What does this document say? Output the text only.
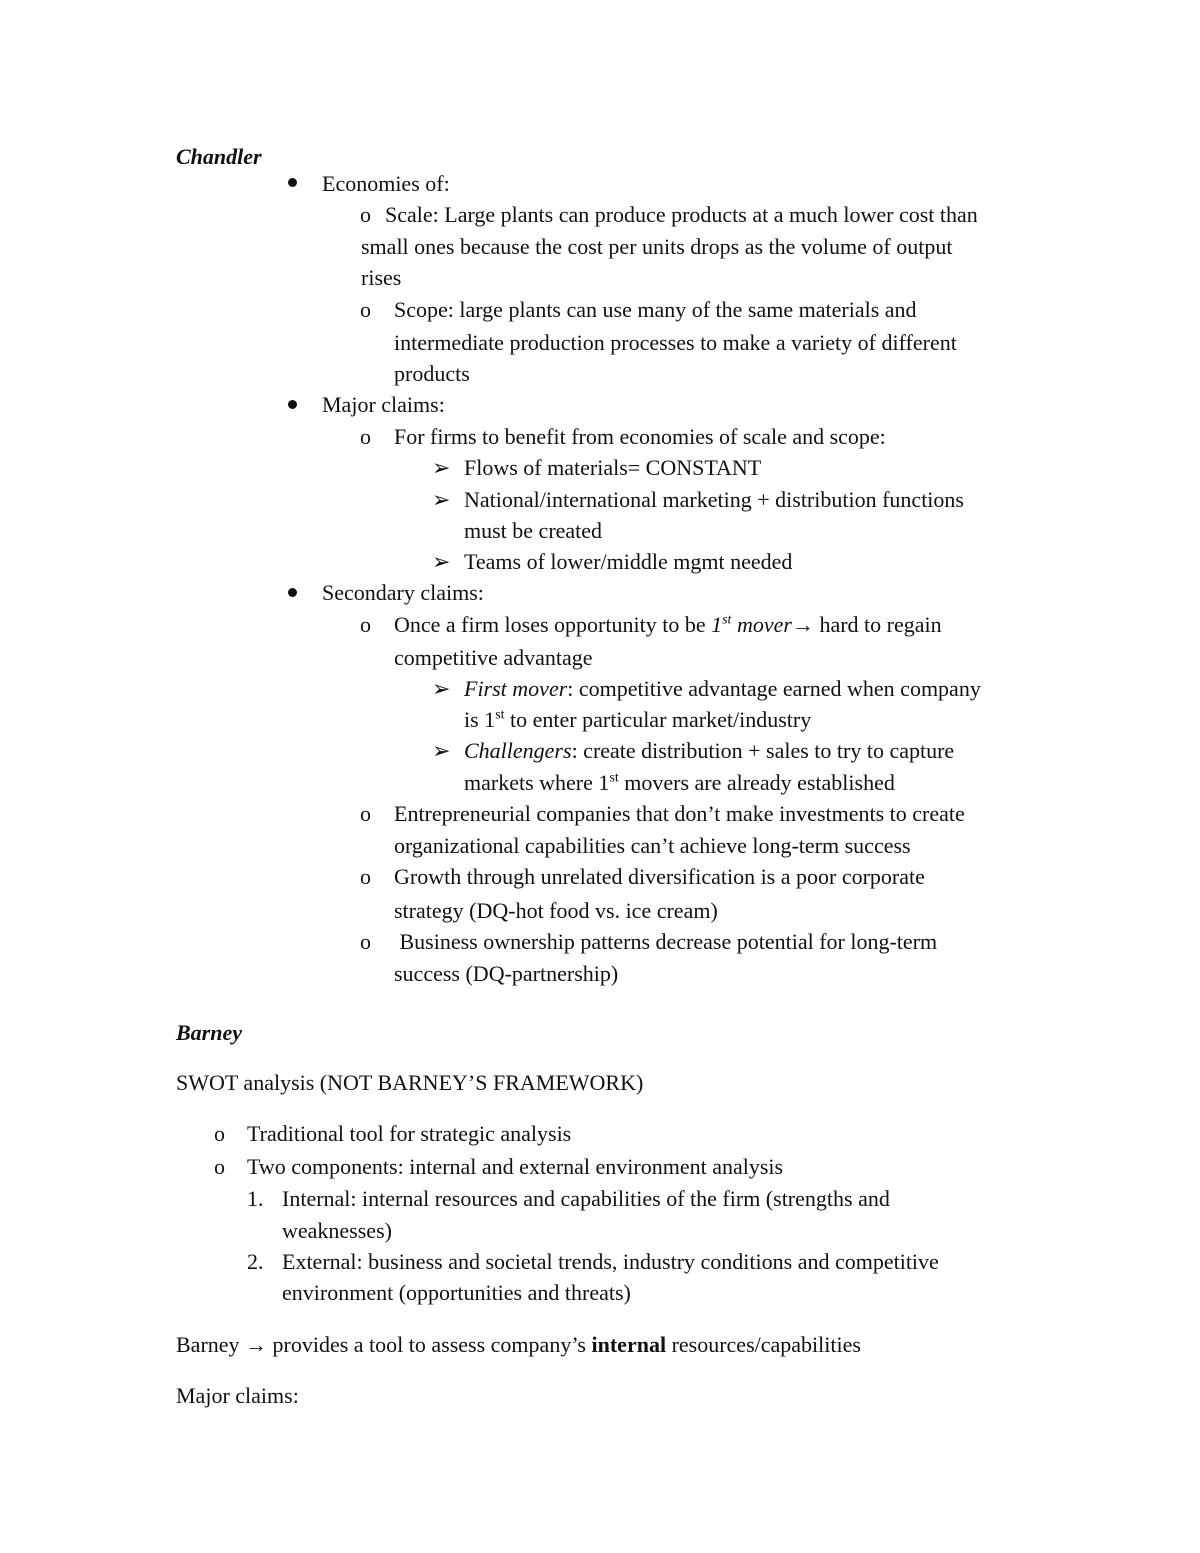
Chandler
Economies of:
o Scale: Large plants can produce products at a much lower cost than
small ones because the cost per units drops as the volume of output
rises
o Scope: large plants can use many of the same materials and
intermediate production processes to make a variety of different
products
Major claims:
o For firms to benefit from economies of scale and scope:
➢ Flows of materials= CONSTANT
➢ National/international marketing + distribution functions
must be created
➢ Teams of lower/middle mgmt needed
Secondary claims:
o Once a firm loses opportunity to be 1st mover→ hard to regain
competitive advantage
➢ First mover: competitive advantage earned when company
is 1st to enter particular market/industry
➢ Challengers: create distribution + sales to try to capture
markets where 1st movers are already established
o Entrepreneurial companies that don’t make investments to create
organizational capabilities can’t achieve long-term success
o Growth through unrelated diversification is a poor corporate
strategy (DQ-hot food vs. ice cream)
o Business ownership patterns decrease potential for long-term
success (DQ-partnership)
Barney
SWOT analysis (NOT BARNEY’S FRAMEWORK)
o Traditional tool for strategic analysis
o Two components: internal and external environment analysis
1. Internal: internal resources and capabilities of the firm (strengths and
weaknesses)
2. External: business and societal trends, industry conditions and competitive
environment (opportunities and threats)
Barney → provides a tool to assess company’s internal resources/capabilities
Major claims:
